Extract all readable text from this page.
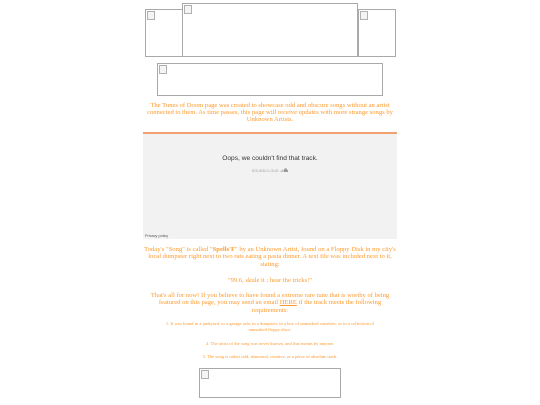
The Tunes of Doom page was created to showcase odd and obscure songs without an artist connected to them. As time passes, this page will receive updates with more strange songs by Unknown Artists.
Oops, we couldn't find that track.
SOUNDCLOUD
Privacy policy
Today's "Song" is called "Spells'F" by an Unknown Artist, found on a Floppy Disk in my city's local dumpster right next to two rats eating a pasta dinner. A text file was included next to it, stating:
"99.6, skule it ; hear the tricks!"
That's all for now! If you believe to have found a extreme rare tune that is worthy of being featured on this page, you may send an email HERE if the track meets the following requirements:
1. It was found in a junkyard, or a garage sale, in a dumpster, in a box of unmarked cassettes, or in a collection of unmarked floppy discs.
2. The artist of the song was never known, and that means by anyone.
3. The song is rather odd, abnormal, creative, or a piece of absolute trash.
